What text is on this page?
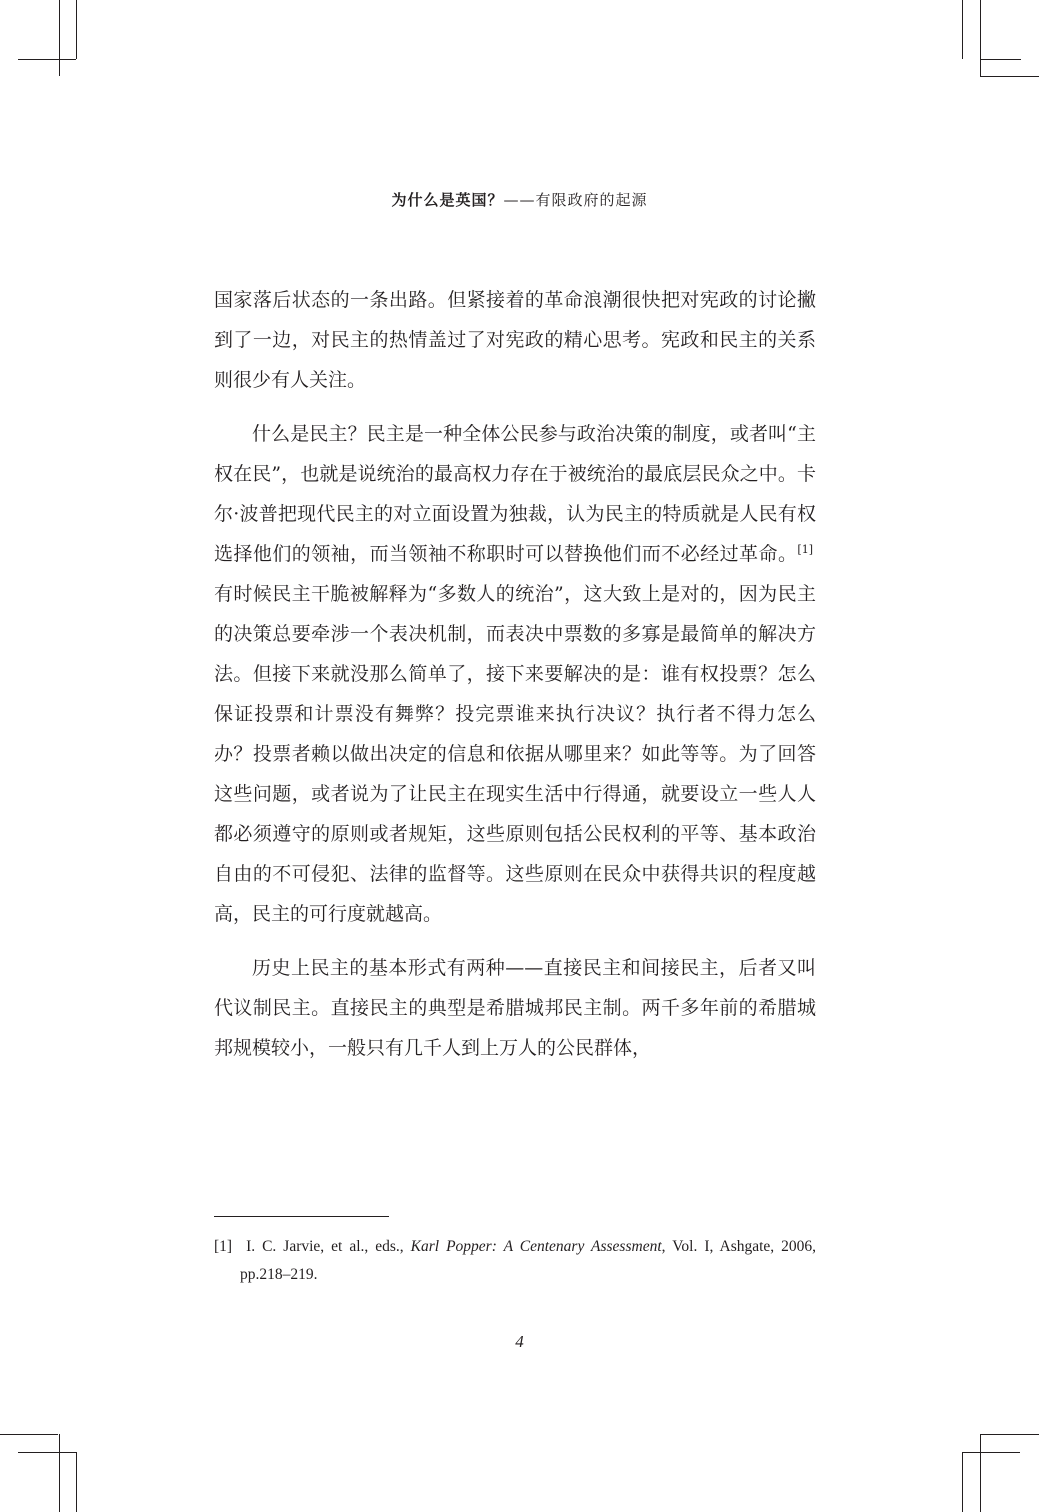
为什么是英国？——有限政府的起源

国家落后状态的一条出路。但紧接着的革命浪潮很快把对宪政的讨论撇到了一边，对民主的热情盖过了对宪政的精心思考。宪政和民主的关系则很少有人关注。

什么是民主？民主是一种全体公民参与政治决策的制度，或者叫“主权在民”，也就是说统治的最高权力存在于被统治的最底层民众之中。卡尔·波普把现代民主的对立面设置为独裁，认为民主的特质就是人民有权选择他们的领袖，而当领袖不称职时可以替换他们而不必经过革命。[1]有时候民主干脆被解释为“多数人的统治”，这大致上是对的，因为民主的决策总要牵涉一个表决机制，而表决中票数的多寡是最简单的解决方法。但接下来就没那么简单了，接下来要解决的是：谁有权投票？怎么保证投票和计票没有舞弊？投完票谁来执行决议？执行者不得力怎么办？投票者赖以做出决定的信息和依据从哪里来？如此等等。为了回答这些问题，或者说为了让民主在现实生活中行得通，就要设立一些人人都必须遵守的原则或者规矩，这些原则包括公民权利的平等、基本政治自由的不可侵犯、法律的监督等。这些原则在民众中获得共识的程度越高，民主的可行度就越高。

历史上民主的基本形式有两种——直接民主和间接民主，后者又叫代议制民主。直接民主的典型是希腊城邦民主制。两千多年前的希腊城邦规模较小，一般只有几千人到上万人的公民群体，

[1] I. C. Jarvie, et al., eds., Karl Popper: A Centenary Assessment, Vol. I, Ashgate, 2006, pp.218–219.
4
